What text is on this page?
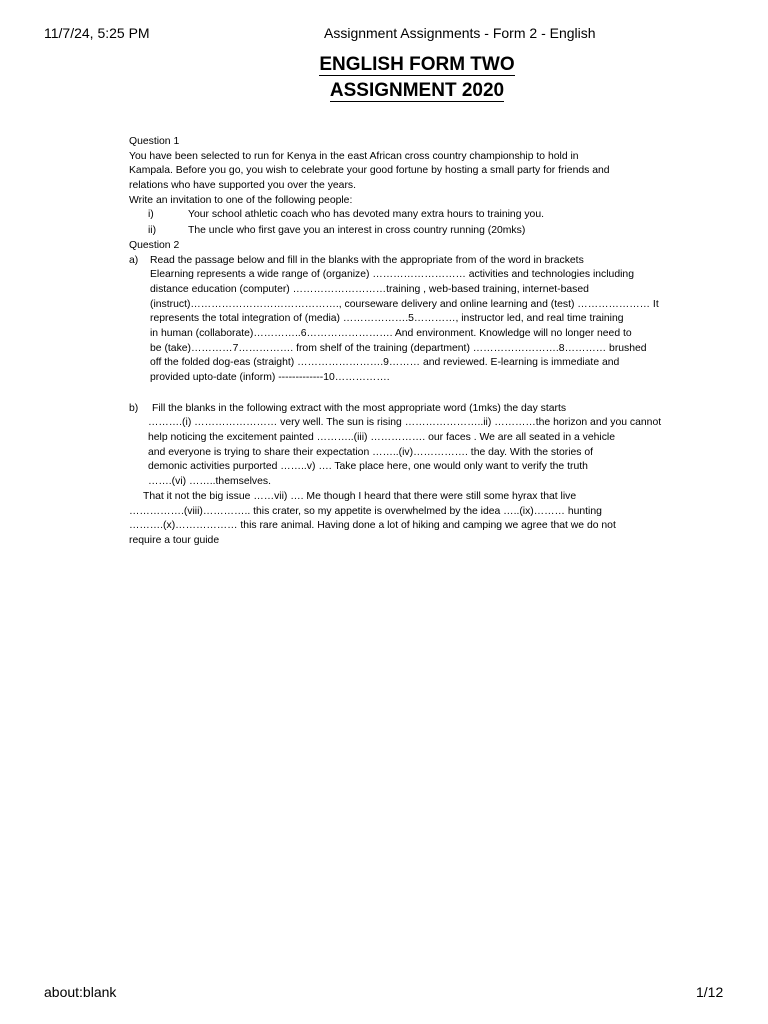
11/7/24, 5:25 PM	Assignment Assignments - Form 2 - English
ENGLISH FORM TWO
ASSIGNMENT 2020
Question 1
You have been selected to run for Kenya in the east African cross country championship to hold in
Kampala. Before you go, you wish to celebrate your good fortune by hosting a small party for friends and
relations who have supported you over the years.
Write an invitation to one of the following people:
i)	Your school athletic coach who has devoted many extra hours to training you.
ii)	The uncle who first gave you an interest in cross country running (20mks)
Question 2
a) Read the passage below and fill in the blanks with the appropriate from of the word in brackets
Elearning represents a wide range of (organize) ……………………… activities and technologies including
distance education (computer) ………………………training , web-based training, internet-based
(instruct)……………………………………., courseware delivery and online learning and (test) ………………… It
represents the total integration of (media) ……………….5…………, instructor led, and real time training
in human (collaborate)…………..6……………………. And environment. Knowledge will no longer need to
be (take)…………7……………. from shelf of the training (department) …………………….8………… brushed
off the folded dog-eas (straight) …………………….9……… and reviewed. E-learning is immediate and
provided upto-date (inform) -------------10…………….
b) Fill the blanks in the following extract with the most appropriate word (1mks) the day starts
……….(i) …………………… very well. The sun is rising …………………..ii) …………the horizon and you cannot
help noticing the excitement painted ………..(iii) ……………. our faces . We are all seated in a vehicle
and everyone is trying to share their expectation ……..(iv)……………. the day. With the stories of
demonic activities purported ……..v) …. Take place here, one would only want to verify the truth
…….(vi) ……..themselves.
That it not the big issue ……vii) …. Me though I heard that there were still some hyrax that live
…………….(viii)………….. this crater, so my appetite is overwhelmed by the idea …..(ix)……… hunting
……….(x)……………… this rare animal. Having done a lot of hiking and camping we agree that we do not
require a tour guide
about:blank	1/12
